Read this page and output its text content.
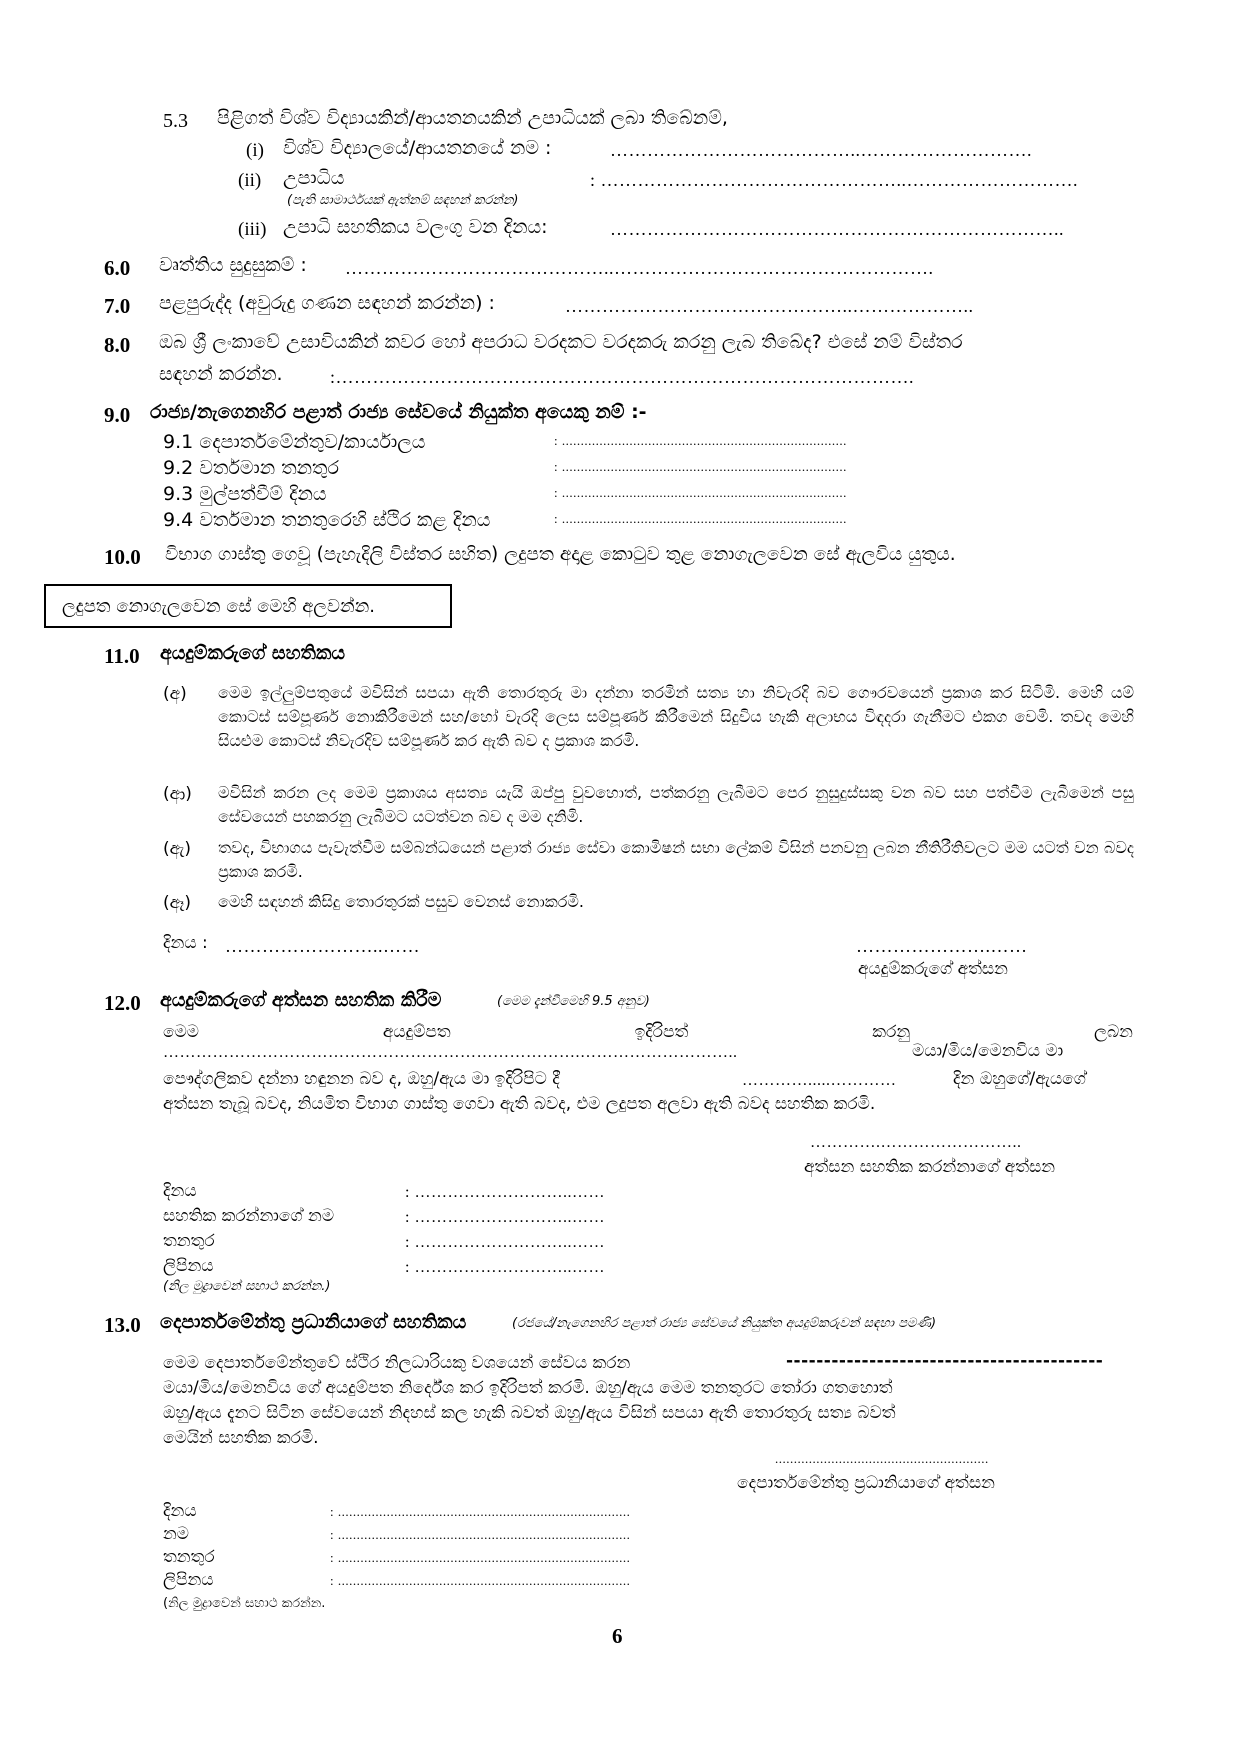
5.3 පිළිගත් විශ්ව විද්‍යායකින්/ආයතනයකින් උපාධියක් ලබා තිබේනම්,
(i) විශ්ව විද්‍යාලයේ/ආයතනයේ නම :	…………………………………..……………………….
(ii) උපාධිය	: …………………………………………..……………………….
(පැති සාමාර්ථයක් ඇත්නම් සඳහන් කරන්න)
(iii) උපාධි සහතිකය වලංගු වන දිනය:	………………………………………………………………..
6.0 වෘත්තිය සුදුසුකම් : ……………………………………..…………………………………………….
7.0 පළපුරුද්ද (අවුරුදු ගණන සඳහන් කරන්න) :	………………………………………..………………..
8.0 ඔබ ශ්‍රී ලංකාවේ උසාවියකින් කවර හෝ අපරාධ වරදකට වරදකරු කරනු ලැබ තිබේද? එසේ නම් විස්තර
සඳහන් කරන්න.	:………………………………………………………………………………….
9.0 රාජ්‍ය/නැගෙනහිර පළාත් රාජ්‍ය සේවයේ නියුක්ත අයෙකු නම් :-
9.1 දෙපාර්තමේන්තුව/කාර්යාලය	: ............................................................................
9.2 වර්තමාන තනතුර	: ............................................................................
9.3 මුල්පත්වීම් දිනය	: ............................................................................
9.4 වර්තමාන තනතුරෙහි ස්ථිර කළ දිනය	: ............................................................................
10.0 විභාග ගාස්තු ගෙවූ (පැහැදිලි විස්තර සහිත) ලදුපත අදාළ කොටුව තුළ නොගැලවෙන සේ ඇලවිය යුතුය.
ලදුපත නොගැලවෙන සේ මෙහි අලවන්න.
11.0 අයදුම්කරුගේ සහතිකය
(අ) මෙම ඉල්ලුම්පතුයේ මවිසින් සපයා ඇති තොරතුරු මා දන්නා තරමින් සත්‍ය හා නිවැරදි බව ගෞරවයෙන් ප්‍රකාශ කර සිටිමි. මෙහි යම් කොටස් සම්පූර්ණ නොකිරීමෙන් සහ/හෝ වැරදි ලෙස සම්පූර්ණ කිරීමෙන් සිදුවිය හැකි අලාභය විඳදරා ගැනීමට එකග වෙමි. තවද මෙහි සියළුම කොටස් නිවැරදිව සම්පූර්ණ කර ඇති බව ද ප්‍රකාශ කරමි.
(ආ) මවිසින් කරන ලද මෙම ප්‍රකාශය අසත්‍ය යැයි ඔප්පු වුවහොත්, පත්කරනු ලැබීමට පෙර නුසුදුස්සකු වන බව සහ පත්වීම ලැබීමෙන් පසු සේවයෙන් පහකරනු ලැබීමට යටත්වන බව ද මම දනිමි.
(ඇ) තවද, විභාගය පැවැත්වීම සම්බන්ධයෙන් පළාත් රාජ්‍ය සේවා කොමිෂන් සභා ලේකම් විසින් පනවනු ලබන නීතිරීතිවලට මම යටත් වන බවද ප්‍රකාශ කරමි.
(ඈ) මෙහි සඳහන් කිසිදු තොරතුරක් පසුව වෙනස් නොකරමි.
දිනය : ……………………..……	………………….……
අයදුම්කරුගේ අත්සන
12.0 අයදුම්කරුගේ අත්සන සහතික කිරීම	(මෙම දැන්වීමෙහි 9.5 අනුව)
මෙම	අයදුම්පත	ඉදිරිපත්	කරනු	ලබන
………………………………………………………………….………………………..	මයා/මිය/මෙනවිය මා
පෞද්ගලිකව දන්නා හඳුනන බව ද, ඔහු/ඇය මා ඉදිරිපිට දී	………….....…………	දින ඔහුගේ/ඇයගේ
අත්සන තැබූ බවද, නියමිත විභාග ගාස්තු ගෙවා ඇති බවද, එම ලදුපත අලවා ඇති බවද සහතික කරමි.
………….……………………..
අත්සන සහතික කරන්නාගේ අත්සන
දිනය	: ………………………..……
සහතික කරන්නාගේ නම	: ………………………..……
තනතුර	: ………………………..……
ලිපිනය	: ………………………..……
(නිල මුද්‍රාවෙන් සහාථ කරන්න.)
13.0 දෙපාර්තමේන්තු ප්‍රධානියාගේ සහතිකය	(රජයේ/නැගෙනහිර පළාත් රාජ්‍ය සේවයේ නියුක්ත අයදුම්කරුවන් සඳහා පමණි)
මෙම දෙපාර්තමේන්තුවේ ස්ථිර නිලධාරියකු වශයෙන් සේවය කරන	------------------------------------------
මයා/මිය/මෙනවිය ගේ අයදුම්පත නිර්දේශ කර ඉදිරිපත් කරමි. ඔහු/ඇය මෙම තනතුරට තෝරා ගතහොත්
ඔහු/ඇය දැනට සිටින සේවයෙන් නිදහස් කල හැකි බවත් ඔහු/ඇය විසින් සපයා ඇති තොරතුරු සත්‍ය බවත්
මෙයින් සහතික කරමි.
.........................................................
දෙපාර්තමේන්තු ප්‍රධානියාගේ අත්සන
දිනය	: ..............................................................................
නම	: ..............................................................................
තනතුර	: ..............................................................................
ලිපිනය	: ..............................................................................
(නිල මුද්‍රාවෙන් සහාථ කරන්න.
6
